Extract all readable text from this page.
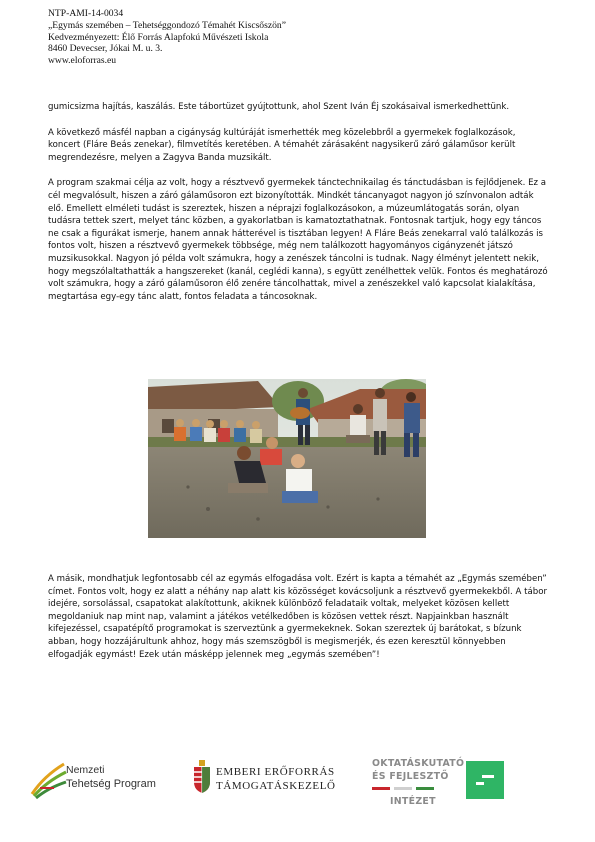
NTP-AMI-14-0034
„Egymás szemében – Tehetséggondozó Témahét Kiscsőszön”
Kedvezményezett: Élő Forrás Alapfokú Művészeti Iskola
8460 Devecser, Jókai M. u. 3.
www.eloforras.eu

gumicsizma hajítás, kaszálás. Este tábortüzet gyújtottunk, ahol Szent Iván Éj szokásaival ismerkedhettünk.

A következő másfél napban a cigányság kultúráját ismerhették meg közelebbről a gyermekek foglalkozások, koncert (Fláre Beás zenekar), filmvetítés keretében. A témahét zárásaként nagysikerű záró gálaműsor került megrendezésre, melyen a Zagyva Banda muzsikált.

A program szakmai célja az volt, hogy a résztvevő gyermekek tánctechnikailag és tánctudásban is fejlődjenek. Ez a cél megvalósult, hiszen a záró gálaműsoron ezt bizonyították. Mindkét táncanyagot nagyon jó színvonalon adták elő. Emellett elméleti tudást is szereztek, hiszen a néprajzi foglalkozásokon, a múzeumlátogatás során, olyan tudásra tettek szert, melyet tánc közben, a gyakorlatban is kamatoztathatnak. Fontosnak tartjuk, hogy egy táncos ne csak a figurákat ismerje, hanem annak hátterével is tisztában legyen! A Fláre Beás zenekarral való találkozás is fontos volt, hiszen a résztvevő gyermekek többsége, még nem találkozott hagyományos cigányzenét játszó muzsikusokkal. Nagyon jó példa volt számukra, hogy a zenészek táncolni is tudnak. Nagy élményt jelentett nekik, hogy megszólaltathatták a hangszereket (kanál, ceglédi kanna), s együtt zenélhettek velük. Fontos és meghatározó volt számukra, hogy a záró gálaműsoron élő zenére táncolhattak, mivel a zenészekkel való kapcsolat kialakítása, megtartása egy-egy tánc alatt, fontos feladata a táncosoknak.

A másik, mondhatjuk legfontosabb cél az egymás elfogadása volt. Ezért is kapta a témahét az „Egymás szemében” címet. Fontos volt, hogy ez alatt a néhány nap alatt kis közösséget kovácsoljunk a résztvevő gyermekekből. A tábor idejére, sorsolással, csapatokat alakítottunk, akiknek különböző feladataik voltak, melyeket közösen kellett megoldaniuk nap mint nap, valamint a játékos vetélkedőben is közösen vettek részt. Napjainkban használt kifejezéssel, csapatépítő programokat is szerveztünk a gyermekeknek. Sokan szereztek új barátokat, s bízunk abban, hogy hozzájárultunk ahhoz, hogy más szemszögből is megismerjék, és ezen keresztül könnyebben elfogadják egymást! Ezek után másképp jelennek meg „egymás szemében”!

Nemzeti
Tehetség Program
EMBERI ERŐFORRÁS
TÁMOGATÁSKEZELŐ
OKTATÁSKUTATÓ
ÉS FEJLESZTŐ
INTÉZET
